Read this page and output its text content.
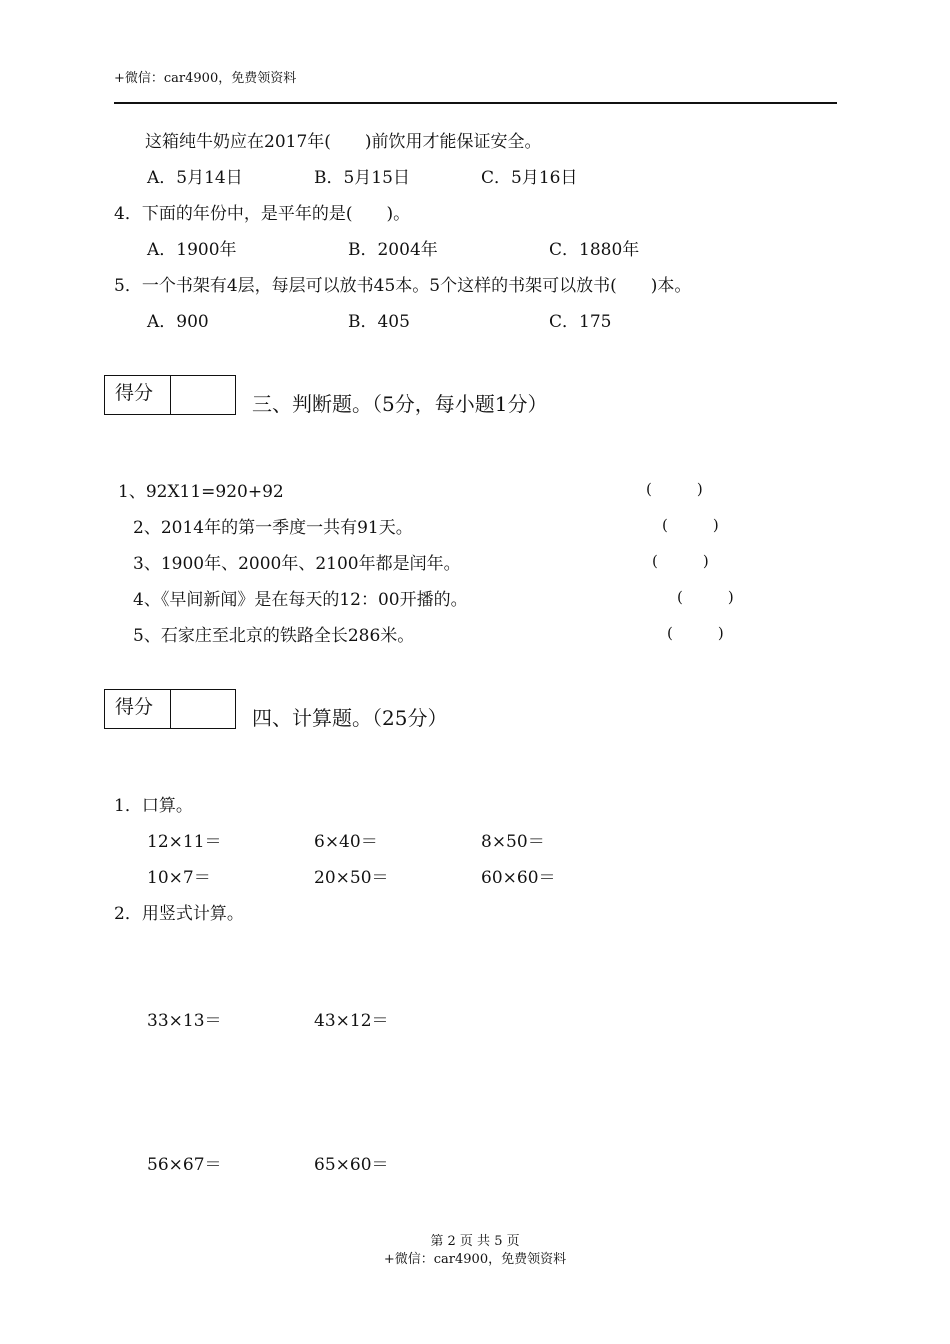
+微信：car4900，免费领资料
这箱纯牛奶应在2017年(　　)前饮用才能保证安全。
A．5月14日	B．5月15日	C．5月16日
4．下面的年份中，是平年的是(　　)。
A．1900年	B．2004年	C．1880年
5．一个书架有4层，每层可以放书45本。5个这样的书架可以放书(　　)本。
A．900	B．405	C．175
得分	三、判断题。（5分，每小题1分）
1、92X11=920+92	(　　　)
2、2014年的第一季度一共有91天。	(　　　)
3、1900年、2000年、2100年都是闰年。	(　　　)
4、《早间新闻》是在每天的12：00开播的。	(　　　)
5、石家庄至北京的铁路全长286米。	(　　　)
得分	四、计算题。（25分）
1．口算。
12×11＝	6×40＝	8×50＝
10×7＝	20×50＝	60×60＝
2．用竖式计算。
33×13＝	43×12＝
56×67＝	65×60＝
第 2 页 共 5 页
+微信：car4900，免费领资料
